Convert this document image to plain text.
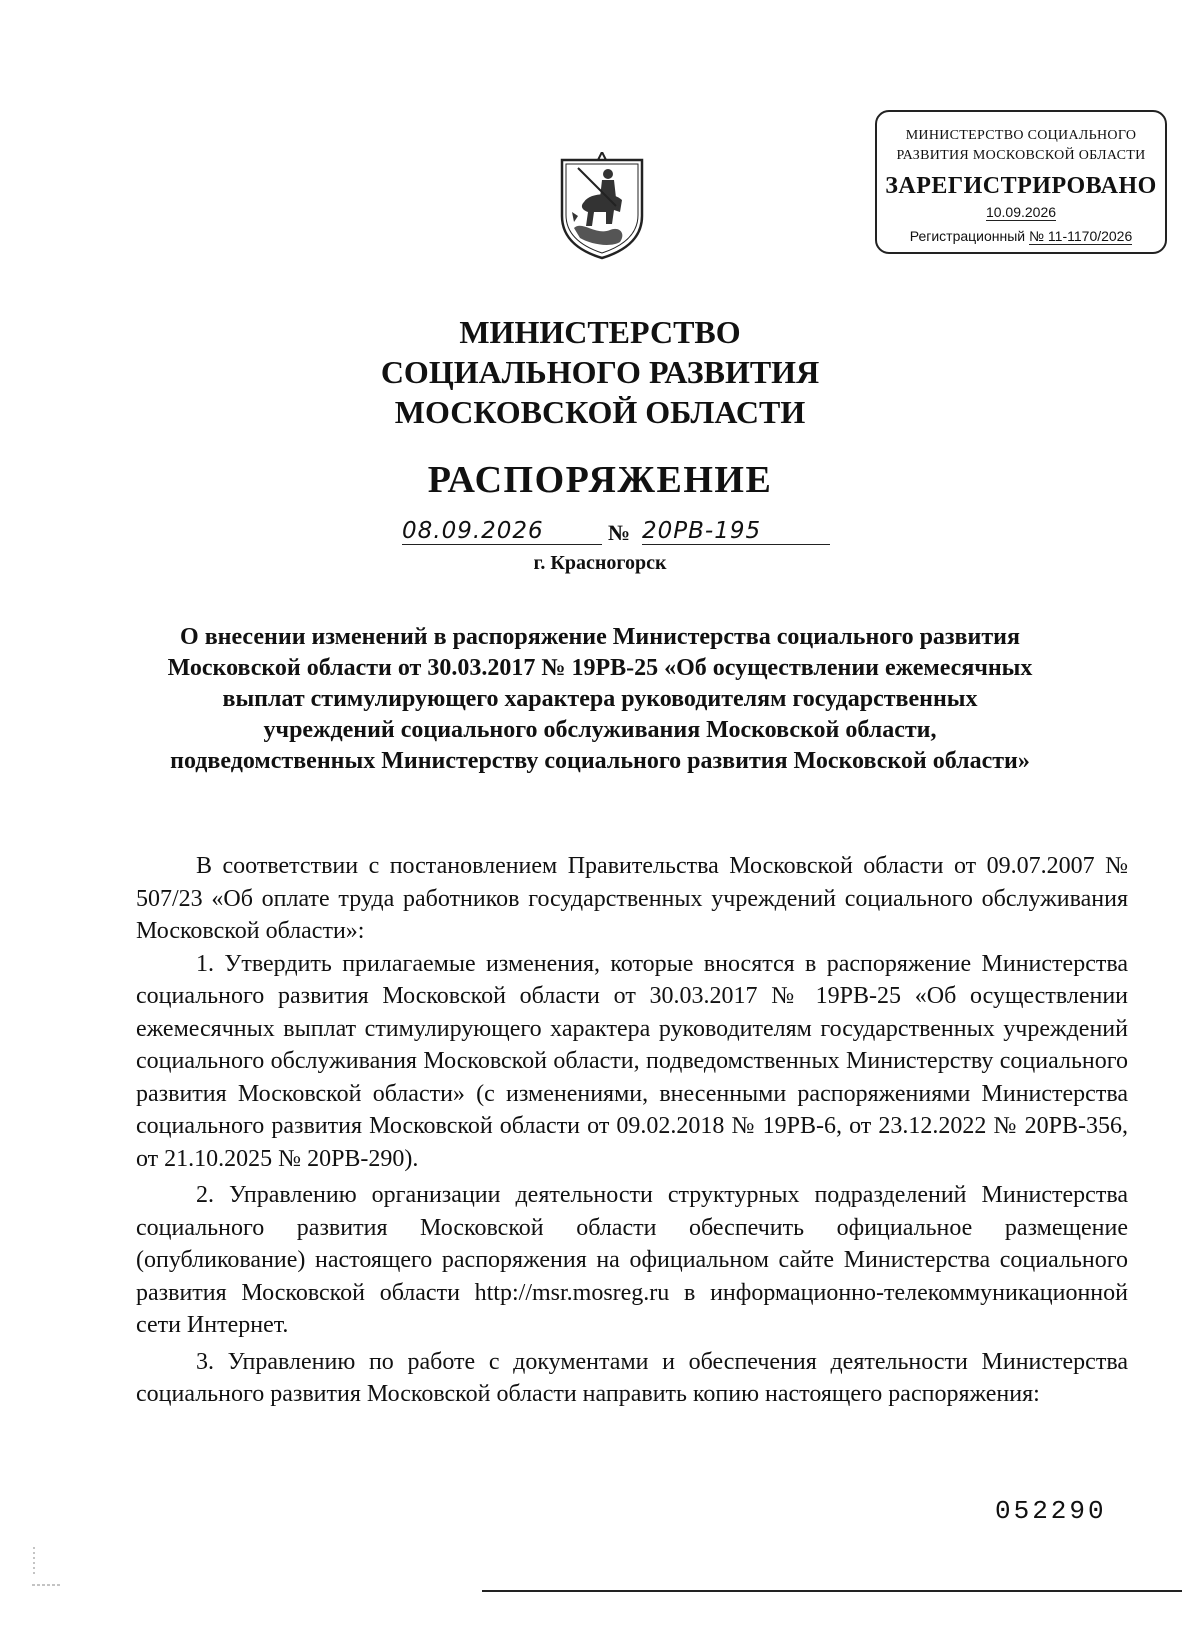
МИНИСТЕРСТВО СОЦИАЛЬНОГО
РАЗВИТИЯ МОСКОВСКОЙ ОБЛАСТИ
ЗАРЕГИСТРИРОВАНО
10.09.2026
Регистрационный № 11-1170/2026
МИНИСТЕРСТВО
СОЦИАЛЬНОГО РАЗВИТИЯ
МОСКОВСКОЙ ОБЛАСТИ
РАСПОРЯЖЕНИЕ
08.09.2026	№ 20РВ-195
г. Красногорск
О внесении изменений в распоряжение Министерства социального развития
Московской области от 30.03.2017 № 19РВ-25 «Об осуществлении ежемесячных
выплат стимулирующего характера руководителям государственных
учреждений социального обслуживания Московской области,
подведомственных Министерству социального развития Московской области»

В соответствии с постановлением Правительства Московской области от 09.07.2007 № 507/23 «Об оплате труда работников государственных учреждений социального обслуживания Московской области»:

1. Утвердить прилагаемые изменения, которые вносятся в распоряжение Министерства социального развития Московской области от 30.03.2017 № 19РВ-25 «Об осуществлении ежемесячных выплат стимулирующего характера руководителям государственных учреждений социального обслуживания Московской области, подведомственных Министерству социального развития Московской области» (с изменениями, внесенными распоряжениями Министерства социального развития Московской области от 09.02.2018 № 19РВ-6, от 23.12.2022 № 20РВ-356, от 21.10.2025 № 20РВ-290).

2. Управлению организации деятельности структурных подразделений Министерства социального развития Московской области обеспечить официальное размещение (опубликование) настоящего распоряжения на официальном сайте Министерства социального развития Московской области http://msr.mosreg.ru в информационно-телекоммуникационной сети Интернет.

3. Управлению по работе с документами и обеспечения деятельности Министерства социального развития Московской области направить копию настоящего распоряжения:

052290
